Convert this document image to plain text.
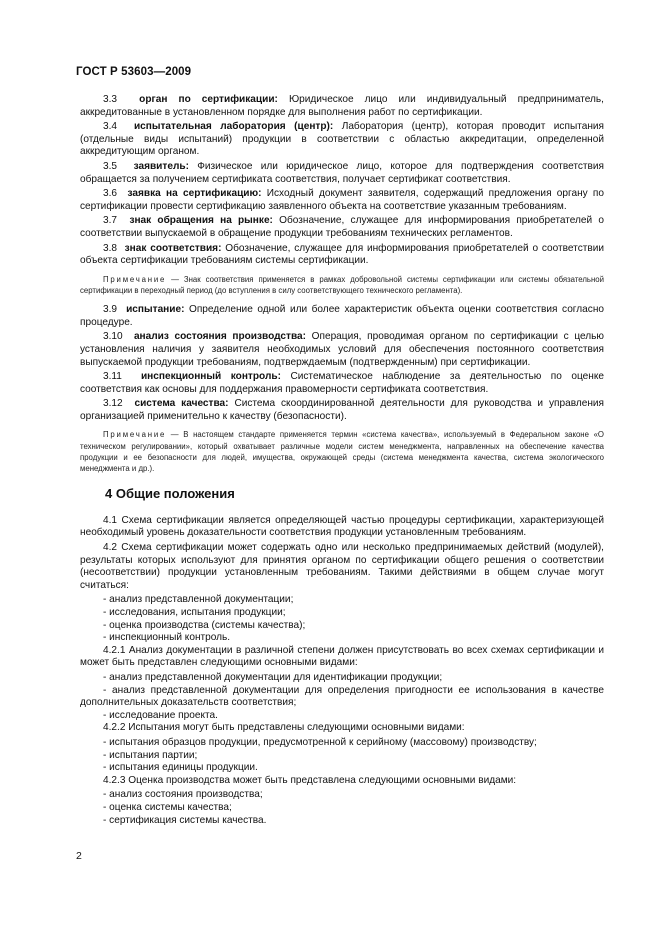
ГОСТ Р 53603—2009

3.3 орган по сертификации: Юридическое лицо или индивидуальный предприниматель, аккредитованные в установленном порядке для выполнения работ по сертификации.

3.4 испытательная лаборатория (центр): Лаборатория (центр), которая проводит испытания (отдельные виды испытаний) продукции в соответствии с областью аккредитации, определенной аккредитующим органом.

3.5 заявитель: Физическое или юридическое лицо, которое для подтверждения соответствия обращается за получением сертификата соответствия, получает сертификат соответствия.

3.6 заявка на сертификацию: Исходный документ заявителя, содержащий предложения органу по сертификации провести сертификацию заявленного объекта на соответствие указанным требованиям.

3.7 знак обращения на рынке: Обозначение, служащее для информирования приобретателей о соответствии выпускаемой в обращение продукции требованиям технических регламентов.

3.8 знак соответствия: Обозначение, служащее для информирования приобретателей о соответствии объекта сертификации требованиям системы сертификации.

Примечание — Знак соответствия применяется в рамках добровольной системы сертификации или системы обязательной сертификации в переходный период (до вступления в силу соответствующего технического регламента).

3.9 испытание: Определение одной или более характеристик объекта оценки соответствия согласно процедуре.

3.10 анализ состояния производства: Операция, проводимая органом по сертификации с целью установления наличия у заявителя необходимых условий для обеспечения постоянного соответствия выпускаемой продукции требованиям, подтверждаемым (подтвержденным) при сертификации.

3.11 инспекционный контроль: Систематическое наблюдение за деятельностью по оценке соответствия как основы для поддержания правомерности сертификата соответствия.

3.12 система качества: Система скоординированной деятельности для руководства и управления организацией применительно к качеству (безопасности).

Примечание — В настоящем стандарте применяется термин «система качества», используемый в Федеральном законе «О техническом регулировании», который охватывает различные модели систем менеджмента, направленных на обеспечение качества продукции и ее безопасности для людей, имущества, окружающей среды (система менеджмента качества, система экологического менеджмента и др.).

4 Общие положения

4.1 Схема сертификации является определяющей частью процедуры сертификации, характеризующей необходимый уровень доказательности соответствия продукции установленным требованиям.

4.2 Схема сертификации может содержать одно или несколько предпринимаемых действий (модулей), результаты которых используют для принятия органом по сертификации общего решения о соответствии (несоответствии) продукции установленным требованиям. Такими действиями в общем случае могут считаться:

- анализ представленной документации;

- исследования, испытания продукции;

- оценка производства (системы качества);

- инспекционный контроль.

4.2.1 Анализ документации в различной степени должен присутствовать во всех схемах сертификации и может быть представлен следующими основными видами:

- анализ представленной документации для идентификации продукции;

- анализ представленной документации для определения пригодности ее использования в качестве дополнительных доказательств соответствия;

- исследование проекта.

4.2.2 Испытания могут быть представлены следующими основными видами:

- испытания образцов продукции, предусмотренной к серийному (массовому) производству;

- испытания партии;

- испытания единицы продукции.

4.2.3 Оценка производства может быть представлена следующими основными видами:

- анализ состояния производства;

- оценка системы качества;

- сертификация системы качества.

2
